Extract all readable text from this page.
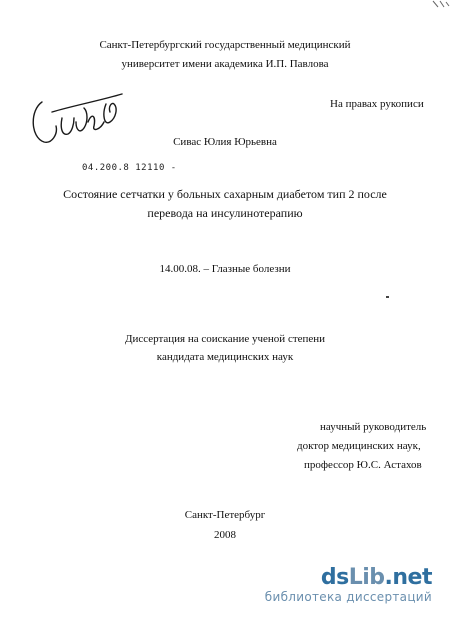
Санкт-Петербургский государственный медицинский
университет имени академика И.П. Павлова
На правах рукописи
Сивас Юлия Юрьевна
04.200.8 12110 -
Состояние сетчатки у больных сахарным диабетом тип 2 после
перевода на инсулинотерапию
14.00.08. – Глазные болезни
Диссертация на соискание ученой степени
кандидата медицинских наук
научный руководитель
доктор медицинских наук,
профессор Ю.С. Астахов
Санкт-Петербург
2008
dsLib.net
библиотека диссертаций
